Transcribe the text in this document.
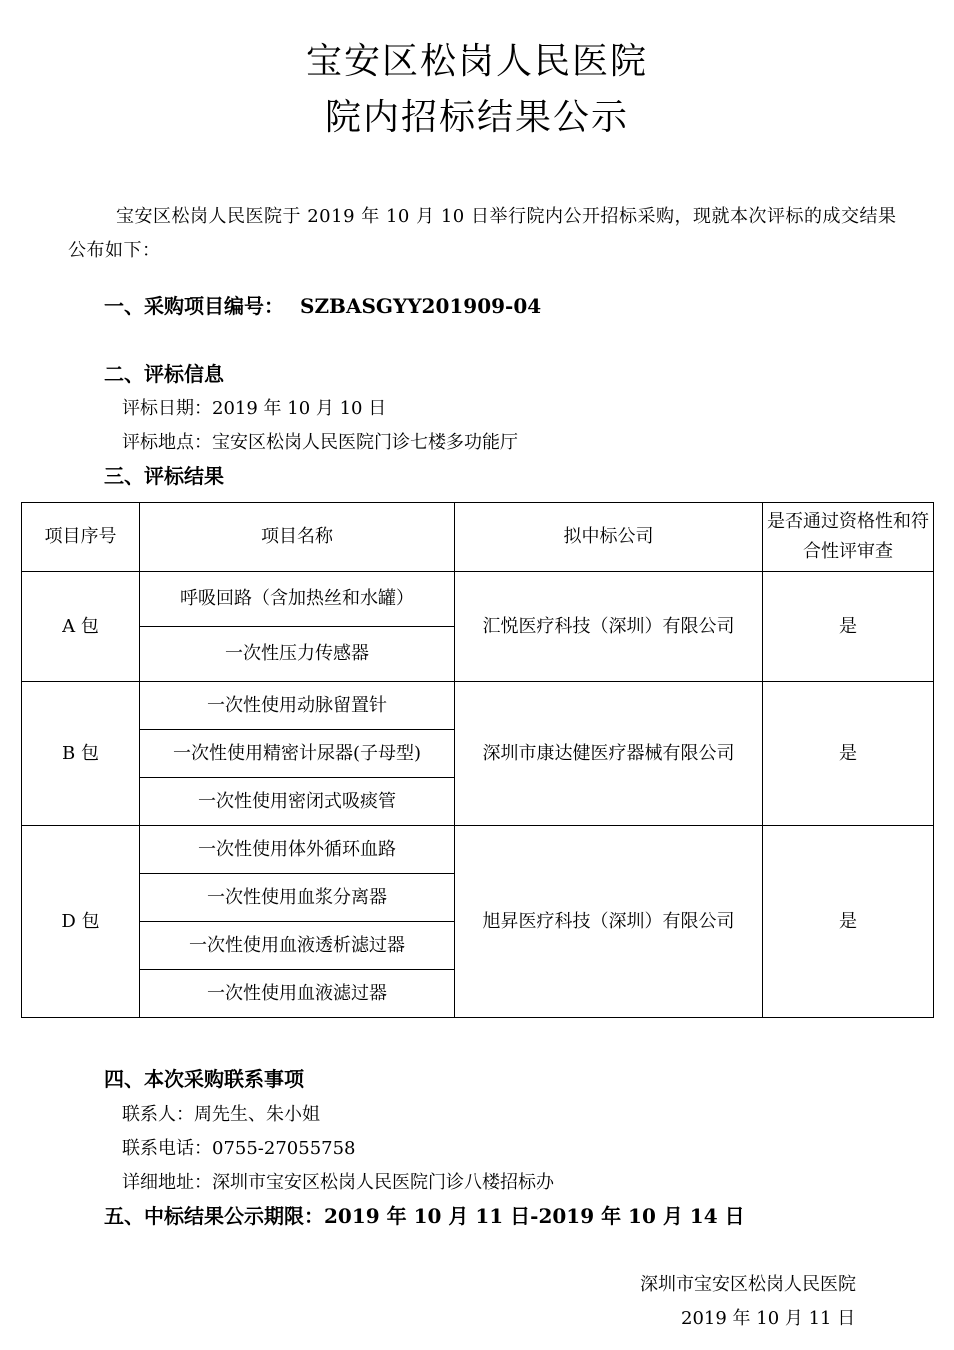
宝安区松岗人民医院
院内招标结果公示
宝安区松岗人民医院于 2019 年 10 月 10 日举行院内公开招标采购，现就本次评标的成交结果公布如下：
一、采购项目编号： SZBASGYY201909-04
二、评标信息
评标日期：2019 年 10 月 10 日
评标地点：宝安区松岗人民医院门诊七楼多功能厅
三、评标结果
项目序号	项目名称	拟中标公司	是否通过资格性和符合性评审查
A 包	呼吸回路（含加热丝和水罐）	汇悦医疗科技（深圳）有限公司	是
	一次性压力传感器		
B 包	一次性使用动脉留置针	深圳市康达健医疗器械有限公司	是
	一次性使用精密计尿器(子母型)		
	一次性使用密闭式吸痰管		
D 包	一次性使用体外循环血路	旭昇医疗科技（深圳）有限公司	是
	一次性使用血浆分离器		
	一次性使用血液透析滤过器		
	一次性使用血液滤过器		
四、本次采购联系事项
联系人：周先生、朱小姐
联系电话：0755-27055758
详细地址：深圳市宝安区松岗人民医院门诊八楼招标办
五、中标结果公示期限：2019 年 10 月 11 日-2019 年 10 月 14 日
深圳市宝安区松岗人民医院
2019 年 10 月 11 日
